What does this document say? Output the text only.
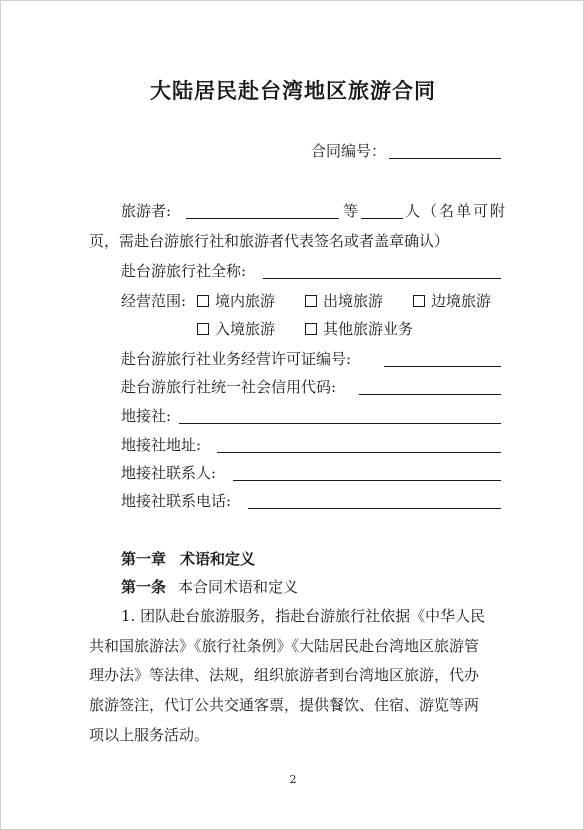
大陆居民赴台湾地区旅游合同
合同编号：
旅游者:	等	人（名单可附
页，需赴台游旅行社和旅游者代表签名或者盖章确认）
赴台游旅行社全称:
经营范围:	境内旅游	出境旅游	边境旅游
入境旅游	其他旅游业务
赴台游旅行社业务经营许可证编号:
赴台游旅行社统一社会信用代码:
地接社:
地接社地址:
地接社联系人:
地接社联系电话:
第一章 术语和定义
第一条 本合同术语和定义
1. 团队赴台旅游服务，指赴台游旅行社依据《中华人民
共和国旅游法》《旅行社条例》《大陆居民赴台湾地区旅游管
理办法》等法律、法规，组织旅游者到台湾地区旅游，代办
旅游签注，代订公共交通客票，提供餐饮、住宿、游览等两
项以上服务活动。
2
